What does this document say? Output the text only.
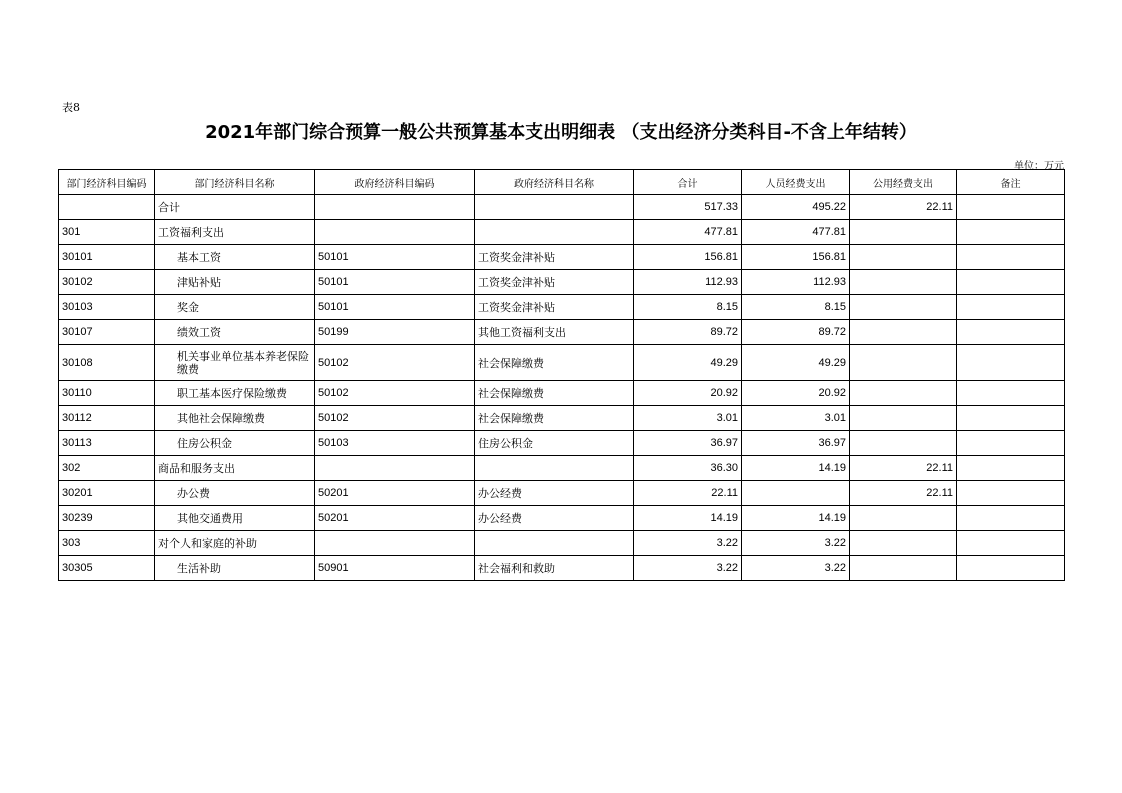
表8
2021年部门综合预算一般公共预算基本支出明细表 （支出经济分类科目-不含上年结转）
单位：万元
部门经济科目编码	部门经济科目名称	政府经济科目编码	政府经济科目名称	合计	人员经费支出	公用经费支出	备注
	合计			517.33	495.22	22.11	
301	工资福利支出			477.81	477.81		
30101	基本工资	50101	工资奖金津补贴	156.81	156.81		
30102	津贴补贴	50101	工资奖金津补贴	112.93	112.93		
30103	奖金	50101	工资奖金津补贴	8.15	8.15		
30107	绩效工资	50199	其他工资福利支出	89.72	89.72		
30108	机关事业单位基本养老保险缴费	50102	社会保障缴费	49.29	49.29		
30110	职工基本医疗保险缴费	50102	社会保障缴费	20.92	20.92		
30112	其他社会保障缴费	50102	社会保障缴费	3.01	3.01		
30113	住房公积金	50103	住房公积金	36.97	36.97		
302	商品和服务支出			36.30	14.19	22.11	
30201	办公费	50201	办公经费	22.11		22.11	
30239	其他交通费用	50201	办公经费	14.19	14.19		
303	对个人和家庭的补助			3.22	3.22		
30305	生活补助	50901	社会福利和救助	3.22	3.22		
